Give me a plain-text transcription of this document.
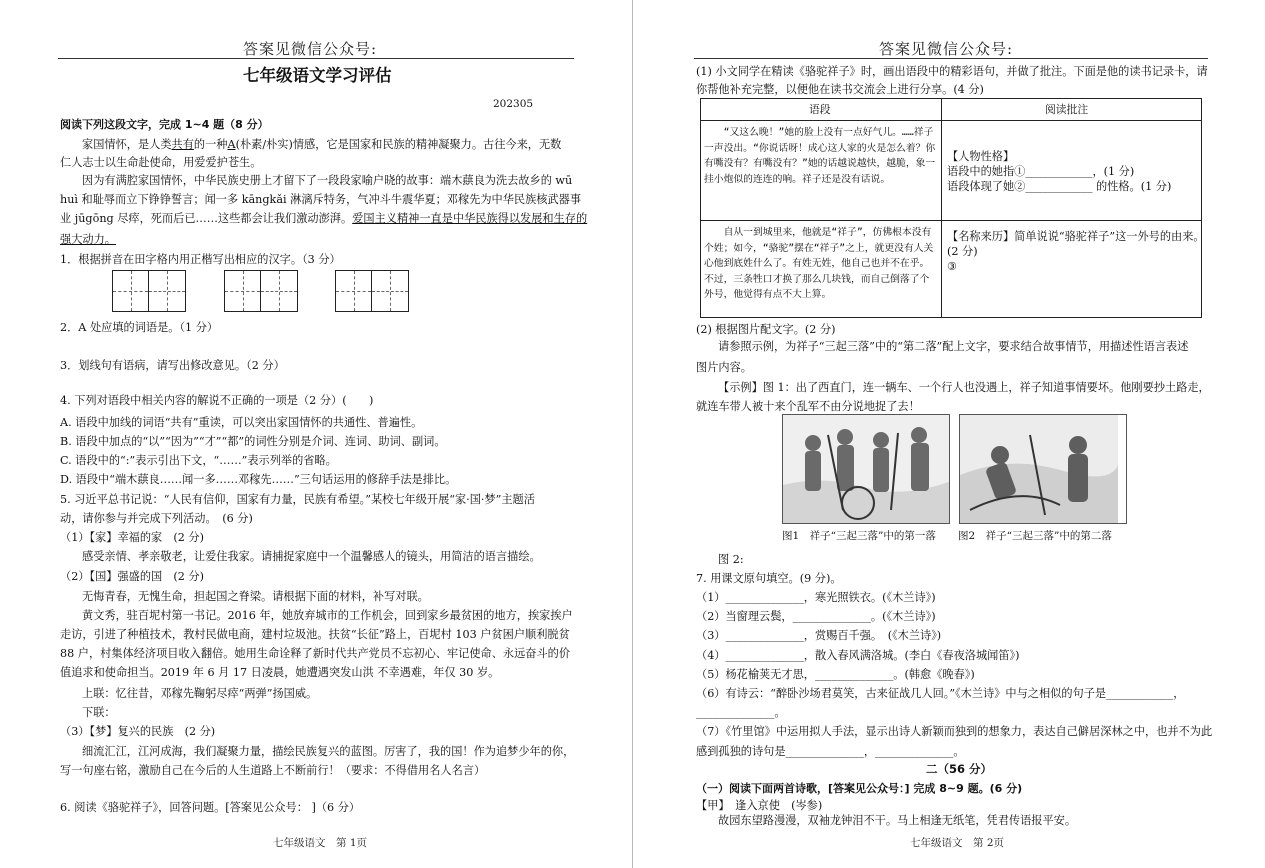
答案见微信公众号:
七年级语文学习评估
202305
阅读下列这段文字，完成 1~4 题（8 分）
家国情怀，是人类共有的一种A(朴素/朴实)情感，它是国家和民族的精神凝聚力。古往今来，无数
仁人志士以生命赴使命，用爱爱护苍生。
因为有满腔家国情怀，中华民族史册上才留下了一段段家喻户晓的故事：端木蕻良为洗去故乡的 wū
huì 和耻辱而立下铮铮誓言；闻一多 kāngkǎi 淋漓斥特务，气冲斗牛震华夏；邓稼先为中华民族核武器事
业 jūgōng 尽瘁，死而后已……这些都会让我们激动澎湃。爱国主义精神一直是中华民族得以发展和生存的
强大动力。
1．根据拼音在田字格内用正楷写出相应的汉字。（3 分）
2．A 处应填的词语是。（1 分）
3．划线句有语病，请写出修改意见。（2 分）
4. 下列对语段中相关内容的解说不正确的一项是（2 分）(　　)
A. 语段中加线的词语“共有”重读，可以突出家国情怀的共通性、普遍性。
B. 语段中加点的“以”“因为”“才”“都”的词性分别是介词、连词、助词、副词。
C. 语段中的“:”表示引出下文，“……”表示列举的省略。
D. 语段中“端木蕻良……闻一多……邓稼先……”三句话运用的修辞手法是排比。
5. 习近平总书记说：“人民有信仰，国家有力量，民族有希望。”某校七年级开展“家·国·梦”主题活
动，请你参与并完成下列活动。　(6 分)
（1）【家】幸福的家　(2 分)
感受亲情、孝亲敬老，让爱住我家。请捕捉家庭中一个温馨感人的镜头，用简洁的语言描绘。
（2）【国】强盛的国　(2 分)
无悔青春，无愧生命，担起国之脊梁。请根据下面的材料，补写对联。
黄文秀，驻百坭村第一书记。2016 年，她放弃城市的工作机会，回到家乡最贫困的地方，挨家挨户
走访，引进了种植技术，教村民做电商，建村垃圾池。扶贫“长征”路上，百坭村 103 户贫困户顺利脱贫
88 户，村集体经济项目收入翻倍。她用生命诠释了新时代共产党员不忘初心、牢记使命、永远奋斗的价
值追求和使命担当。2019 年 6 月 17 日凌晨，她遭遇突发山洪 不幸遇难，年仅 30 岁。
上联：忆往昔，邓稼先鞠躬尽瘁“两弹”扬国威。
下联：
（3）【梦】复兴的民族　(2 分)
细流汇江，江河成海，我们凝聚力量，描绘民族复兴的蓝图。厉害了，我的国！作为追梦少年的你，
写一句座右铭，激励自己在今后的人生道路上不断前行！（要求：不得借用名人名言）
6. 阅读《骆驼祥子》，回答问题。[答案见公众号： ]（6 分）
七年级语文　第 1页
答案见微信公众号:
(1) 小文同学在精读《骆驼祥子》时，画出语段中的精彩语句，并做了批注。下面是他的读书记录卡，请
你帮他补充完整，以便他在读书交流会上进行分享。(4 分)
语段	阅读批注
“又这么晚！”她的脸上没有一点好气儿。……祥子一声没出。“你说话呀！成心这人家的火是怎么着？你有嘴没有？有嘴没有？”她的话越说越快，越脆，象一挂小炮似的连连的响。祥子还是没有话说。
【人物性格】
语段中的她指①____________，(1 分)
语段体现了她②____________ 的性格。(1 分)
自从一到城里来，他就是“祥子”，仿佛根本没有个姓；如今，“骆驼”摆在“祥子”之上，就更没有人关心他到底姓什么了。有姓无姓，他自己也并不在乎。不过，三条牲口才换了那么几块钱，而自己倒落了个外号，他觉得有点不大上算。
【名称来历】简单说说“骆驼祥子”这一外号的由来。
(2 分)
③
(2) 根据图片配文字。(2 分)
请参照示例，为祥子“三起三落”中的“第二落”配上文字，要求结合故事情节，用描述性语言表述
图片内容。
【示例】图 1：出了西直门，连一辆车、一个行人也没遇上，祥子知道事情要坏。他刚要抄土路走，
就连车带人被十来个乱军不由分说地捉了去！
图1　祥子“三起三落”中的第一落 图2　祥子“三起三落”中的第二落
图 2:
7. 用课文原句填空。(9 分)。
（1）______________，寒光照铁衣。(《木兰诗》)
（2）当窗理云鬓，______________。(《木兰诗》)
（3）______________，赏赐百千强。　(《木兰诗》)
（4）______________，散入春风满洛城。(李白《春夜洛城闻笛》)
（5）杨花榆荚无才思，______________。(韩愈《晚春》)
（6）有诗云：“醉卧沙场君莫笑，古来征战几人回。”《木兰诗》中与之相似的句子是____________，
______________。
（7）《竹里馆》中运用拟人手法，显示出诗人新颖而独到的想象力，表达自己僻居深林之中，也并不为此
感到孤独的诗句是______________，______________。
二（56 分）
（一）阅读下面两首诗歌，[答案见公众号：] 完成 8~9 题。(6 分)
【甲】　逢入京使　(岑参)
故园东望路漫漫，双袖龙钟泪不干。马上相逢无纸笔，凭君传语报平安。
七年级语文　第 2页
